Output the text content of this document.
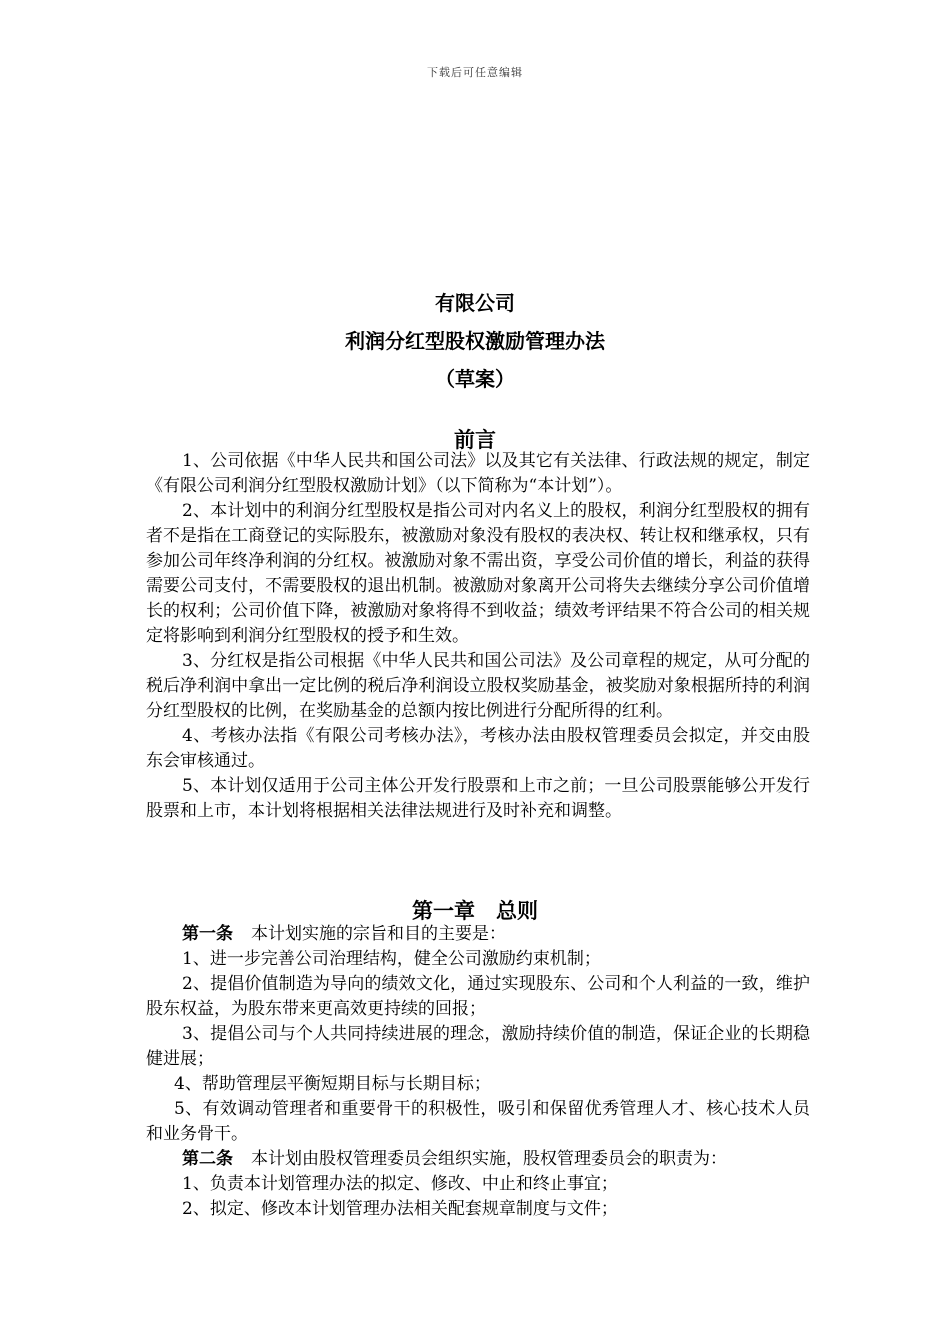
下载后可任意编辑
有限公司
利润分红型股权激励管理办法
（草案）
前言

1、公司依据《中华人民共和国公司法》以及其它有关法律、行政法规的规定，制定《有限公司利润分红型股权激励计划》（以下简称为“本计划”）。

2、本计划中的利润分红型股权是指公司对内名义上的股权，利润分红型股权的拥有者不是指在工商登记的实际股东，被激励对象没有股权的表决权、转让权和继承权，只有参加公司年终净利润的分红权。被激励对象不需出资，享受公司价值的增长，利益的获得需要公司支付，不需要股权的退出机制。被激励对象离开公司将失去继续分享公司价值增长的权利；公司价值下降，被激励对象将得不到收益；绩效考评结果不符合公司的相关规定将影响到利润分红型股权的授予和生效。

3、分红权是指公司根据《中华人民共和国公司法》及公司章程的规定，从可分配的税后净利润中拿出一定比例的税后净利润设立股权奖励基金，被奖励对象根据所持的利润分红型股权的比例，在奖励基金的总额内按比例进行分配所得的红利。

4、考核办法指《有限公司考核办法》，考核办法由股权管理委员会拟定，并交由股东会审核通过。

5、本计划仅适用于公司主体公开发行股票和上市之前；一旦公司股票能够公开发行股票和上市，本计划将根据相关法律法规进行及时补充和调整。

第一章　总则

第一条 本计划实施的宗旨和目的主要是：

1、进一步完善公司治理结构，健全公司激励约束机制；

2、提倡价值制造为导向的绩效文化，通过实现股东、公司和个人利益的一致，维护股东权益，为股东带来更高效更持续的回报；

3、提倡公司与个人共同持续进展的理念，激励持续价值的制造，保证企业的长期稳健进展；

4、帮助管理层平衡短期目标与长期目标；

5、有效调动管理者和重要骨干的积极性，吸引和保留优秀管理人才、核心技术人员和业务骨干。

第二条 本计划由股权管理委员会组织实施，股权管理委员会的职责为：

1、负责本计划管理办法的拟定、修改、中止和终止事宜；

2、拟定、修改本计划管理办法相关配套规章制度与文件；
